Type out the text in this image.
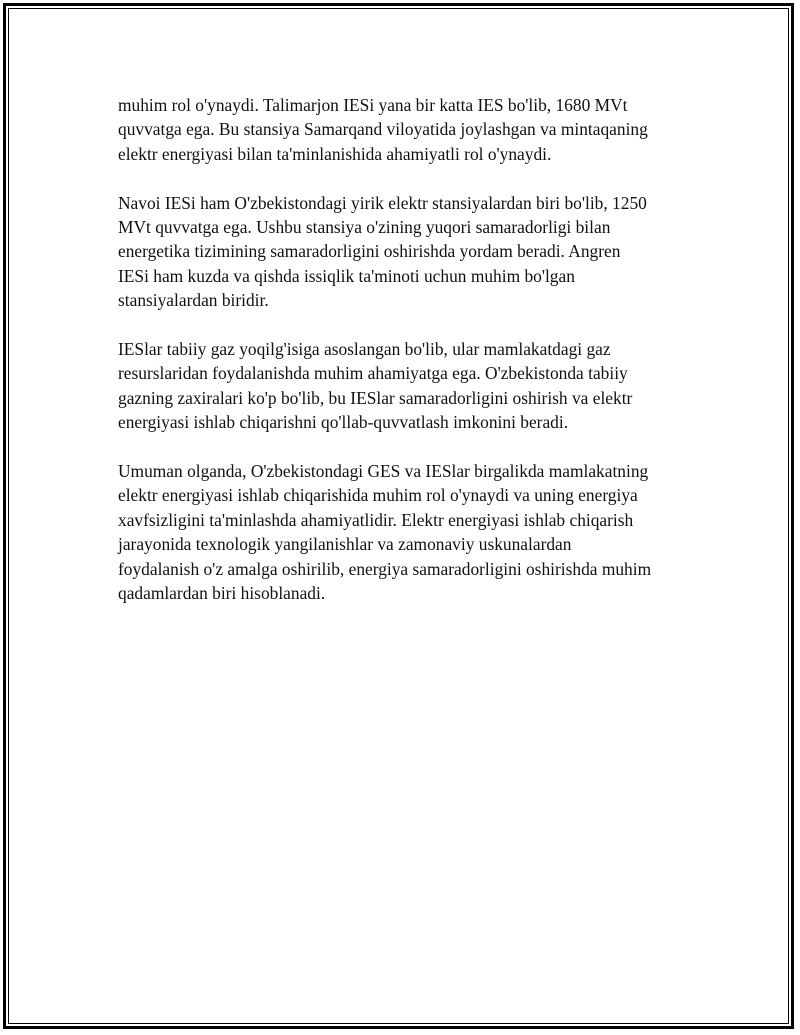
muhim rol o'ynaydi. Talimarjon IESi yana bir katta IES bo'lib, 1680 MVt
quvvatga ega. Bu stansiya Samarqand viloyatida joylashgan va mintaqaning
elektr energiyasi bilan ta'minlanishida ahamiyatli rol o'ynaydi.

Navoi IESi ham O'zbekistondagi yirik elektr stansiyalardan biri bo'lib, 1250
MVt quvvatga ega. Ushbu stansiya o'zining yuqori samaradorligi bilan
energetika tizimining samaradorligini oshirishda yordam beradi. Angren
IESi ham kuzda va qishda issiqlik ta'minoti uchun muhim bo'lgan
stansiyalardan biridir.

IESlar tabiiy gaz yoqilg'isiga asoslangan bo'lib, ular mamlakatdagi gaz
resurslaridan foydalanishda muhim ahamiyatga ega. O'zbekistonda tabiiy
gazning zaxiralari ko'p bo'lib, bu IESlar samaradorligini oshirish va elektr
energiyasi ishlab chiqarishni qo'llab-quvvatlash imkonini beradi.

Umuman olganda, O'zbekistondagi GES va IESlar birgalikda mamlakatning
elektr energiyasi ishlab chiqarishida muhim rol o'ynaydi va uning energiya
xavfsizligini ta'minlashda ahamiyatlidir. Elektr energiyasi ishlab chiqarish
jarayonida texnologik yangilanishlar va zamonaviy uskunalardan
foydalanish o'z amalga oshirilib, energiya samaradorligini oshirishda muhim
qadamlardan biri hisoblanadi.
